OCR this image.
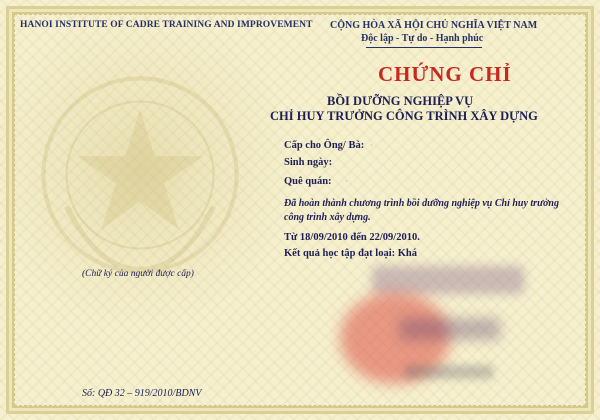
HANOI INSTITUTE OF CADRE TRAINING AND IMPROVEMENT CỘNG HÒA XÃ HỘI CHỦ NGHĨA VIỆT NAM
Độc lập - Tự do - Hạnh phúc
CHỨNG CHỈ
BỒI DƯỠNG NGHIỆP VỤ
CHỈ HUY TRƯỞNG CÔNG TRÌNH XÂY DỰNG
Cấp cho Ông/ Bà:
Sinh ngày:
Quê quán:
·
·
Đã hoàn thành chương trình bồi dưỡng nghiệp vụ Chỉ huy trưởng công trình xây dựng.
Từ 18/09/2010 đến 22/09/2010.
Kết quả học tập đạt loại: Khá
(Chữ ký của người được cấp)
Số: QĐ 32 – 919/2010/BDNV
